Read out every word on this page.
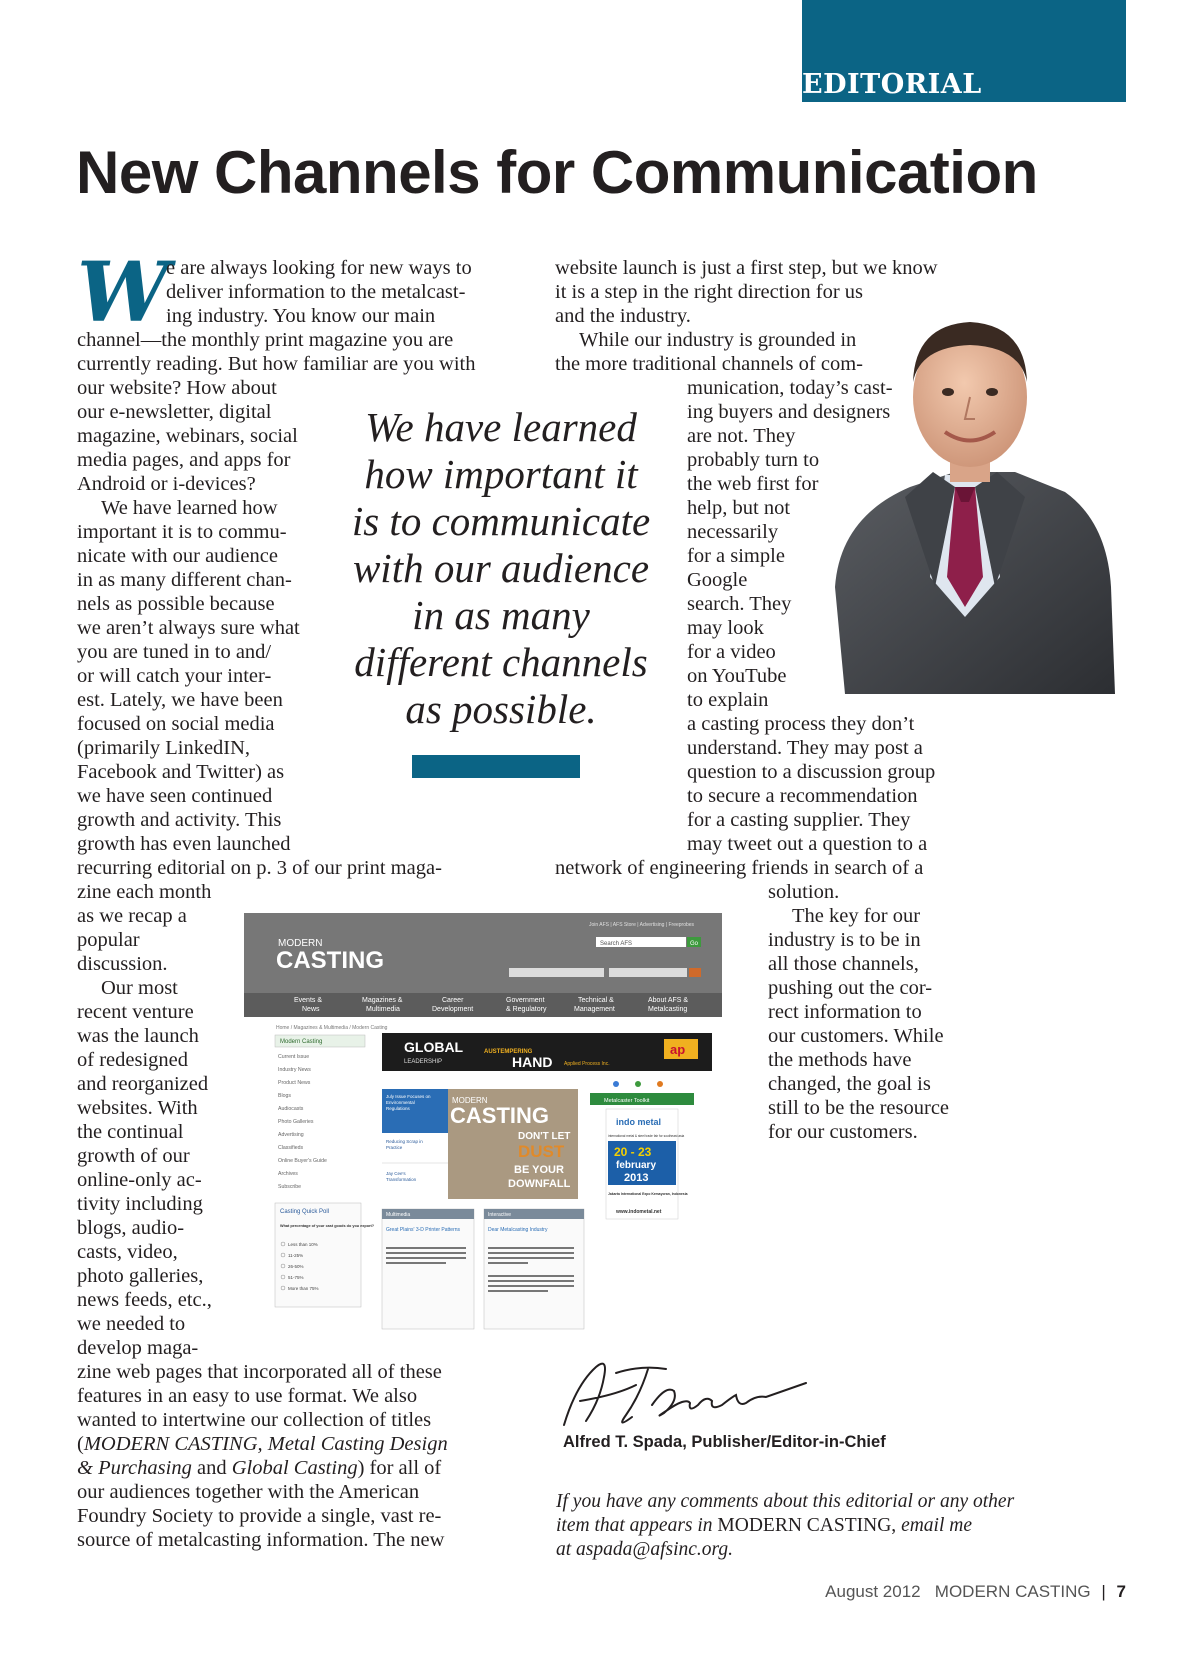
EDITORIAL
New Channels for Communication
W
e are always looking for new ways to
deliver information to the metalcast-
ing industry. You know our main
channel—the monthly print magazine you are
currently reading. But how familiar are you with
our website? How about
our e-newsletter, digital
magazine, webinars, social
media pages, and apps for
Android or i-devices?
We have learned how
important it is to commu-
nicate with our audience
in as many different chan-
nels as possible because
we aren’t always sure what
you are tuned in to and/
or will catch your inter-
est. Lately, we have been
focused on social media
(primarily LinkedIN,
Facebook and Twitter) as
we have seen continued
growth and activity. This
growth has even launched
recurring editorial on p. 3 of our print maga-
zine each month
as we recap a
popular
discussion.
Our most
recent venture
was the launch
of redesigned
and reorganized
websites. With
the continual
growth of our
online-only ac-
tivity including
blogs, audio-
casts, video,
photo galleries,
news feeds, etc.,
we needed to
develop maga-
zine web pages that incorporated all of these
features in an easy to use format. We also
wanted to intertwine our collection of titles
(MODERN CASTING, Metal Casting Design
& Purchasing and Global Casting) for all of
our audiences together with the American
Foundry Society to provide a single, vast re-
source of metalcasting information. The new
website launch is just a first step, but we know
it is a step in the right direction for us
and the industry.
While our industry is grounded in
the more traditional channels of com-
munication, today’s cast-
ing buyers and designers
are not. They
probably turn to
the web first for
help, but not
necessarily
for a simple
Google
search. They
may look
for a video
on YouTube
to explain
a casting process they don’t
understand. They may post a
question to a discussion group
to secure a recommendation
for a casting supplier. They
may tweet out a question to a
network of engineering friends in search of a
solution.
The key for our
industry is to be in
all those channels,
pushing out the cor-
rect information to
our customers. While
the methods have
changed, the goal is
still to be the resource
for our customers.
We have learned
how important it
is to communicate
with our audience
in as many
different channels
as possible.
MODERN
CASTING
Join AFS | AFS Store | Advertising | Freeprobes
Search AFS	Go
Events &
News
Magazines &
Multimedia
Career
Development
Government
& Regulatory
Technical &
Management
About AFS &
Metalcasting
Home / Magazines & Multimedia / Modern Casting
Modern Casting
Current Issue
Industry News
Product News
Blogs
Audiocasts
Photo Galleries
Advertising
Classifieds
Online Buyer's Guide
Archives
Subscribe
GLOBAL
LEADERSHIP
AUSTEMPERING
HAND Applied Process Inc.
ap
July Issue Focuses on
Environmental
Regulations
Reducing Scrap in
Practice
Jay Cee's
Transformation
MODERN
CASTING
DON'T LET
DUST
BE YOUR
DOWNFALL
Metalcaster Toolkit
indo metal
international metal & steel trade fair for southeast asia
20 - 23
february
2013
Jakarta International Expo Kemayoran, Indonesia
www.indometal.net
Casting Quick Poll
What percentage of your cast goods do you export?
Less than 10%
11-25%
26-50%
51-75%
More than 75%
Multimedia
Great Plains' 3-D Printer Patterns
Interactive
Dear Metalcasting Industry
Alfred T. Spada, Publisher/Editor-in-Chief
If you have any comments about this editorial or any other
item that appears in MODERN CASTING, email me
at aspada@afsinc.org.
August 2012 MODERN CASTING | 7
